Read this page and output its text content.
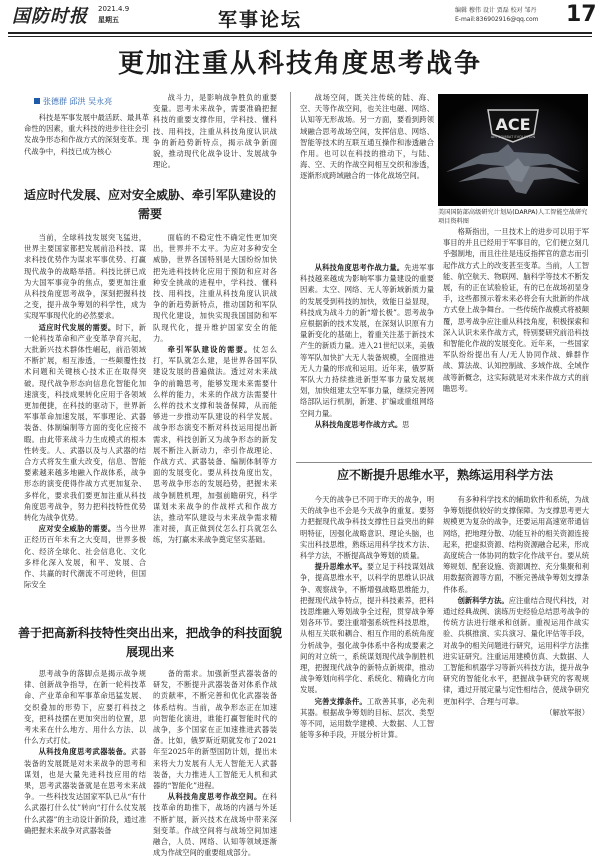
国防时报 2021.4.9
星期五	军事论坛	编辑 穆伟 设计 贾磊 校对 邹丹
E-mail:836902916@qq.com 17
更加注重从科技角度思考战争
张德群 邱洪 吴永亮

科技是军事发展中最活跃、最具革命性的因素，重大科技的进步往往会引发战争形态和作战方式的深刻变革。现代战争中，科技已成为核心

适应时代发展、应对安全威胁、牵引军队建设的需要

当前，全球科技发展突飞猛进，世界主要国家都把发展前沿科技、谋求科技优势作为谋求军事优势、打赢现代战争的战略举措。科技比拼已成为大国军事竞争的焦点，要更加注重从科技角度思考战争，深刻把握科技之变，提升战争筹划的科学性，成为实现军事现代化的必然要求。

适应时代发展的需要。时下，新一轮科技革命和产业变革孕育兴起，大批新兴技术群体性崛起，前沿领域不断扩展，相互渗透，一些颠覆性技术问题和关键核心技术正在取得突破。现代战争形态向信息化智能化加速演变，科技成果转化应用于各领域更加便捷，在科技的驱动下，世界新军事革命加速发展，军事理论、武器装备、体制编制等方面的变化应接不暇。由此带来战斗力生成模式的根本性转变。人、武器以及与人武器的结合方式将发生重大改变，信息、智能要素越来越多地融入作战体系，战争形态的演变使得作战方式更加复杂、多样化，要求我们要更加注重从科技角度思考战争，努力把科技特性优势转化为战争优势。

应对安全威胁的需要。当今世界正经历百年未有之大变局，世界多极化、经济全球化、社会信息化、文化多样化深入发展，和平、发展、合作、共赢的时代潮流不可逆转，但国际安全

面临的不稳定性不确定性更加突出，世界并不太平。为应对多种安全威胁，世界各国特别是大国纷纷加快把先进科技转化应用于预防和应对各种安全挑战的进程中，学科技、懂科技、用科技，注重从科技角度认识战争的新趋势新特点，推动国防和军队现代化建设，加快实现我国国防和军队现代化，提升维护国家安全的能力。

牵引军队建设的需要。仗怎么打，军队就怎么建，是世界各国军队建设发展的普遍做法。透过对未来战争的前瞻思考，能够发现未来需要什么样的能力，未来的作战方法需要什么样的技术支撑和装备保障，从而能够进一步推动军队建设的科学发展。战争形态演变不断对科技运用提出新需求，科技创新又为战争形态的新发展不断注入新动力，牵引作战理论、作战方式、武器装备、编制体制等方面的发展变化。要从科技角度出发，思考战争形态的发展趋势，把握未来战争制胜机理，加强前瞻研究，科学谋划未来战争的作战样式和作战方法，推动军队建设与未来战争需求精准对接，真正做到仗怎么打兵就怎么练，为打赢未来战争奠定坚实基础。

善于把高新科技特性突出出来，把战争的科技面貌展现出来

思考战争的落脚点是揭示战争规律、创新战争指导，在新一轮科技革命、产业革命和军事革命迅猛发展、交织叠加的形势下，应要打科技之变，把科技摆在更加突出的位置，思考未来在什么地方、用什么方法、以什么方式打仗。

从科技角度思考武器装备。武器装备的发展既是对未来战争的思考和谋划，也是大量先进科技应用的结果，思考武器装备就是在思考未来战争。一些科技发达国家军队已从“有什么武器打什么仗”转向“打什么仗发展什么武器”的主动设计新阶段，通过准确把握未来战争对武器装备

备的需求。加强新型武器装备的研发，不断提升武器装备对体系作战的贡献率，不断完善和优化武器装备体系结构。当前，战争形态正在加速向智能化演进，谁能打赢智能时代的战争，多个国家在正加速推进武器装备。比如，俄罗斯近期就发布了2021年至2025年的新型国防计划，提出未来将大力发展有人无人智能无人武器装备，大力推进人工智能无人机和武器的“智能化”进程。

从科技角度思考作战空间。在科技革命的助推下，战场的内涵与外延不断扩展，新兴技术在战场中带来深刻变革。作战空间将与战场空间加速融合，人员、网络、认知等领域逐渐成为作战空间的重要组成部分。

战斗力，是影响战争胜负的重要变量。思考未来战争，需要准确把握科技的重要支撑作用，学科技、懂科技、用科技，注重从科技角度认识战争的新趋势新特点，揭示战争新面貌，推动现代化战争设计、发展战争理论。

战场空间，既关注传统的陆、海、空、天等作战空间，也关注电磁、网络、认知等无形战场。另一方面，要看到跨领域融合思考战场空间，发挥信息、网络、智能等技术的互联互通互操作和渗透融合作用。也可以在科技的推动下，与陆、海、空、天的作战空间相互交织和渗透，逐渐形成跨域融合的一体化战场空间。

ACE
AIR COMBAT EVOLUTION
美国国防部高级研究计划局(DARPA)人工智能空战研究项目资料图

从科技角度思考作战力量。先进军事科技越来越成为影响军事力量建设的重要因素。太空、网络、无人等新域新质力量的发展受到科技的加快，效能日益显现，科技成为战斗力的新“增长极”。思考战争应根据新的技术发展，在深刻认识原有力量新变化的基础上，着重关注基于新技术产生的新质力量。进入21世纪以来，美俄等军队加快扩大无人装备规模，全面推进无人力量的形成和运用。近年来，俄罗斯军队大力持续推进新型军事力量发展规划，加快组建太空军事力量，继续完善网络部队运行机制，新建、扩编或重组网络空间力量。

从科技角度思考作战方式。思

格斯指出，一旦技术上的进步可以用于军事目的并且已经用于军事目的，它们便立刻几乎强制地，而且往往是违反指挥官的意志而引起作战方式上的改变甚至变革。当前，人工智能、航空航天、物联网、脑科学等技术不断发展，有的正在试验验证，有的已在战场初显身手，这些都预示着未来必将会有大批新的作战方式登上战争舞台。一些传统作战模式将被颠覆，思考战争应注重从科技角度，积极探索和深入认识未来作战方式，特别要研究前沿科技和智能化作战的发展变化。近年来，一些国家军队纷纷提出有人/无人协同作战、蜂群作战、算法战、认知控制战、多域作战、全域作战等新概念，这实际就是对未来作战方式的前瞻思考。

应不断提升思维水平，熟练运用科学方法

今天的战争已不同于昨天的战争，明天的战争也不会是今天战争的重复。要努力把握现代战争科技支撑性日益突出的鲜明特征，因强化战略意识、理论头脑，也实出科技思维，熟练运用科学技术方法、科学方法，不断提高战争筹划的质量。

提升思维水平。要立足于科技谋划战争，提高思维水平，以科学的思维认识战争、观察战争，不断增强战略思维能力，把握现代战争特点，提升科技素养，把科技思维融入筹划战争全过程，贯穿战争筹划各环节。要注重增强系统性科技思维，从相互关联和耦合、相互作用的系统角度分析战争，强化战争体系中各构成要素之间的对立统一，系统谋划现代战争制胜机理，把握现代战争的新特点新规律，推动战争筹划向科学化、系统化、精确化方向发展。

完善支撑条件。工欲善其事，必先利其器。根据战争筹划的目标、层次、类型等不同，运用数学建模、大数据、人工智能等多种手段，开展分析计算。

有多种科学技术的辅助软件和系统，为战争筹划提供较好的支撑保障。为支撑思考更大规模更为复杂的战争，还要运用高速宽带通信网络，把地理分散、功能互补的相关资源连接起来，把虚拟资源、结构资源融合起来，形成高度统合一体协同的数字化作战平台。要从统筹规划、配套设施、资源调控、充分集聚和利用数据资源等方面，不断完善战争筹划支撑条件体系。

创新科学方法。应注重结合现代科技，对通过经典战例、演练历史经验总结思考战争的传统方法进行继承和创新。重视运用作战实验、兵棋推演、实兵演习、量化评估等手段，对战争的相关问题进行研究，运用科学方法推进实证研究。注重运用建模仿真、大数据、人工智能和机器学习等新兴科技方法，提升战争研究的智能化水平，把握战争研究的客观规律，通过开展定量与定性相结合，使战争研究更加科学、合理与可靠。

（解放军报）
